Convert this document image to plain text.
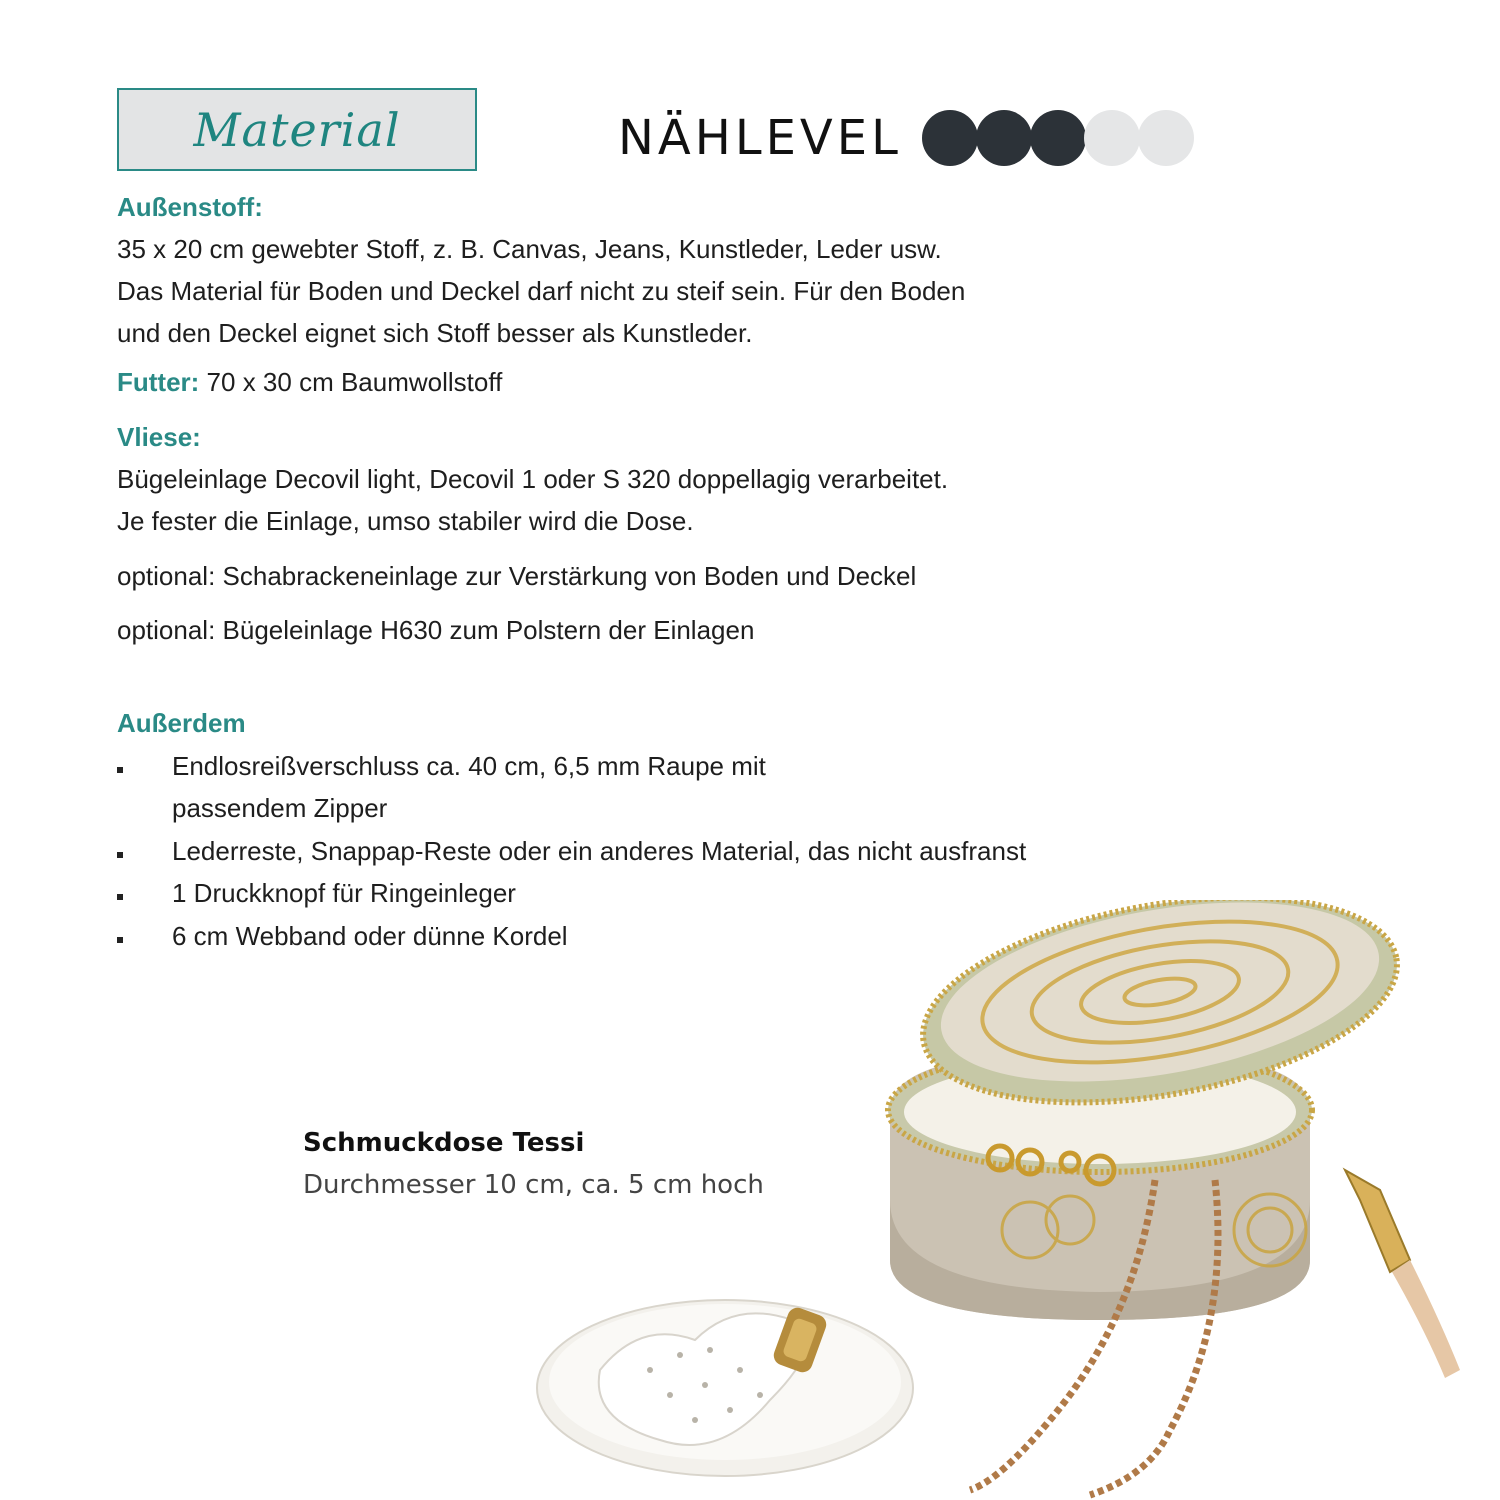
Material	NÄHLEVEL
Außenstoff:
35 x 20 cm gewebter Stoff, z. B. Canvas, Jeans, Kunstleder, Leder usw.
Das Material für Boden und Deckel darf nicht zu steif sein. Für den Boden
und den Deckel eignet sich Stoff besser als Kunstleder.
Futter: 70 x 30 cm Baumwollstoff
Vliese:
Bügeleinlage Decovil light, Decovil 1 oder S 320 doppellagig verarbeitet.
Je fester die Einlage, umso stabiler wird die Dose.
optional: Schabrackeneinlage zur Verstärkung von Boden und Deckel
optional: Bügeleinlage H630 zum Polstern der Einlagen
Außerdem
Endlosreißverschluss ca. 40 cm, 6,5 mm Raupe mit
passendem Zipper
Lederreste, Snappap-Reste oder ein anderes Material, das nicht ausfranst
1 Druckknopf für Ringeinleger
6 cm Webband oder dünne Kordel
Schmuckdose Tessi
Durchmesser 10 cm, ca. 5 cm hoch
